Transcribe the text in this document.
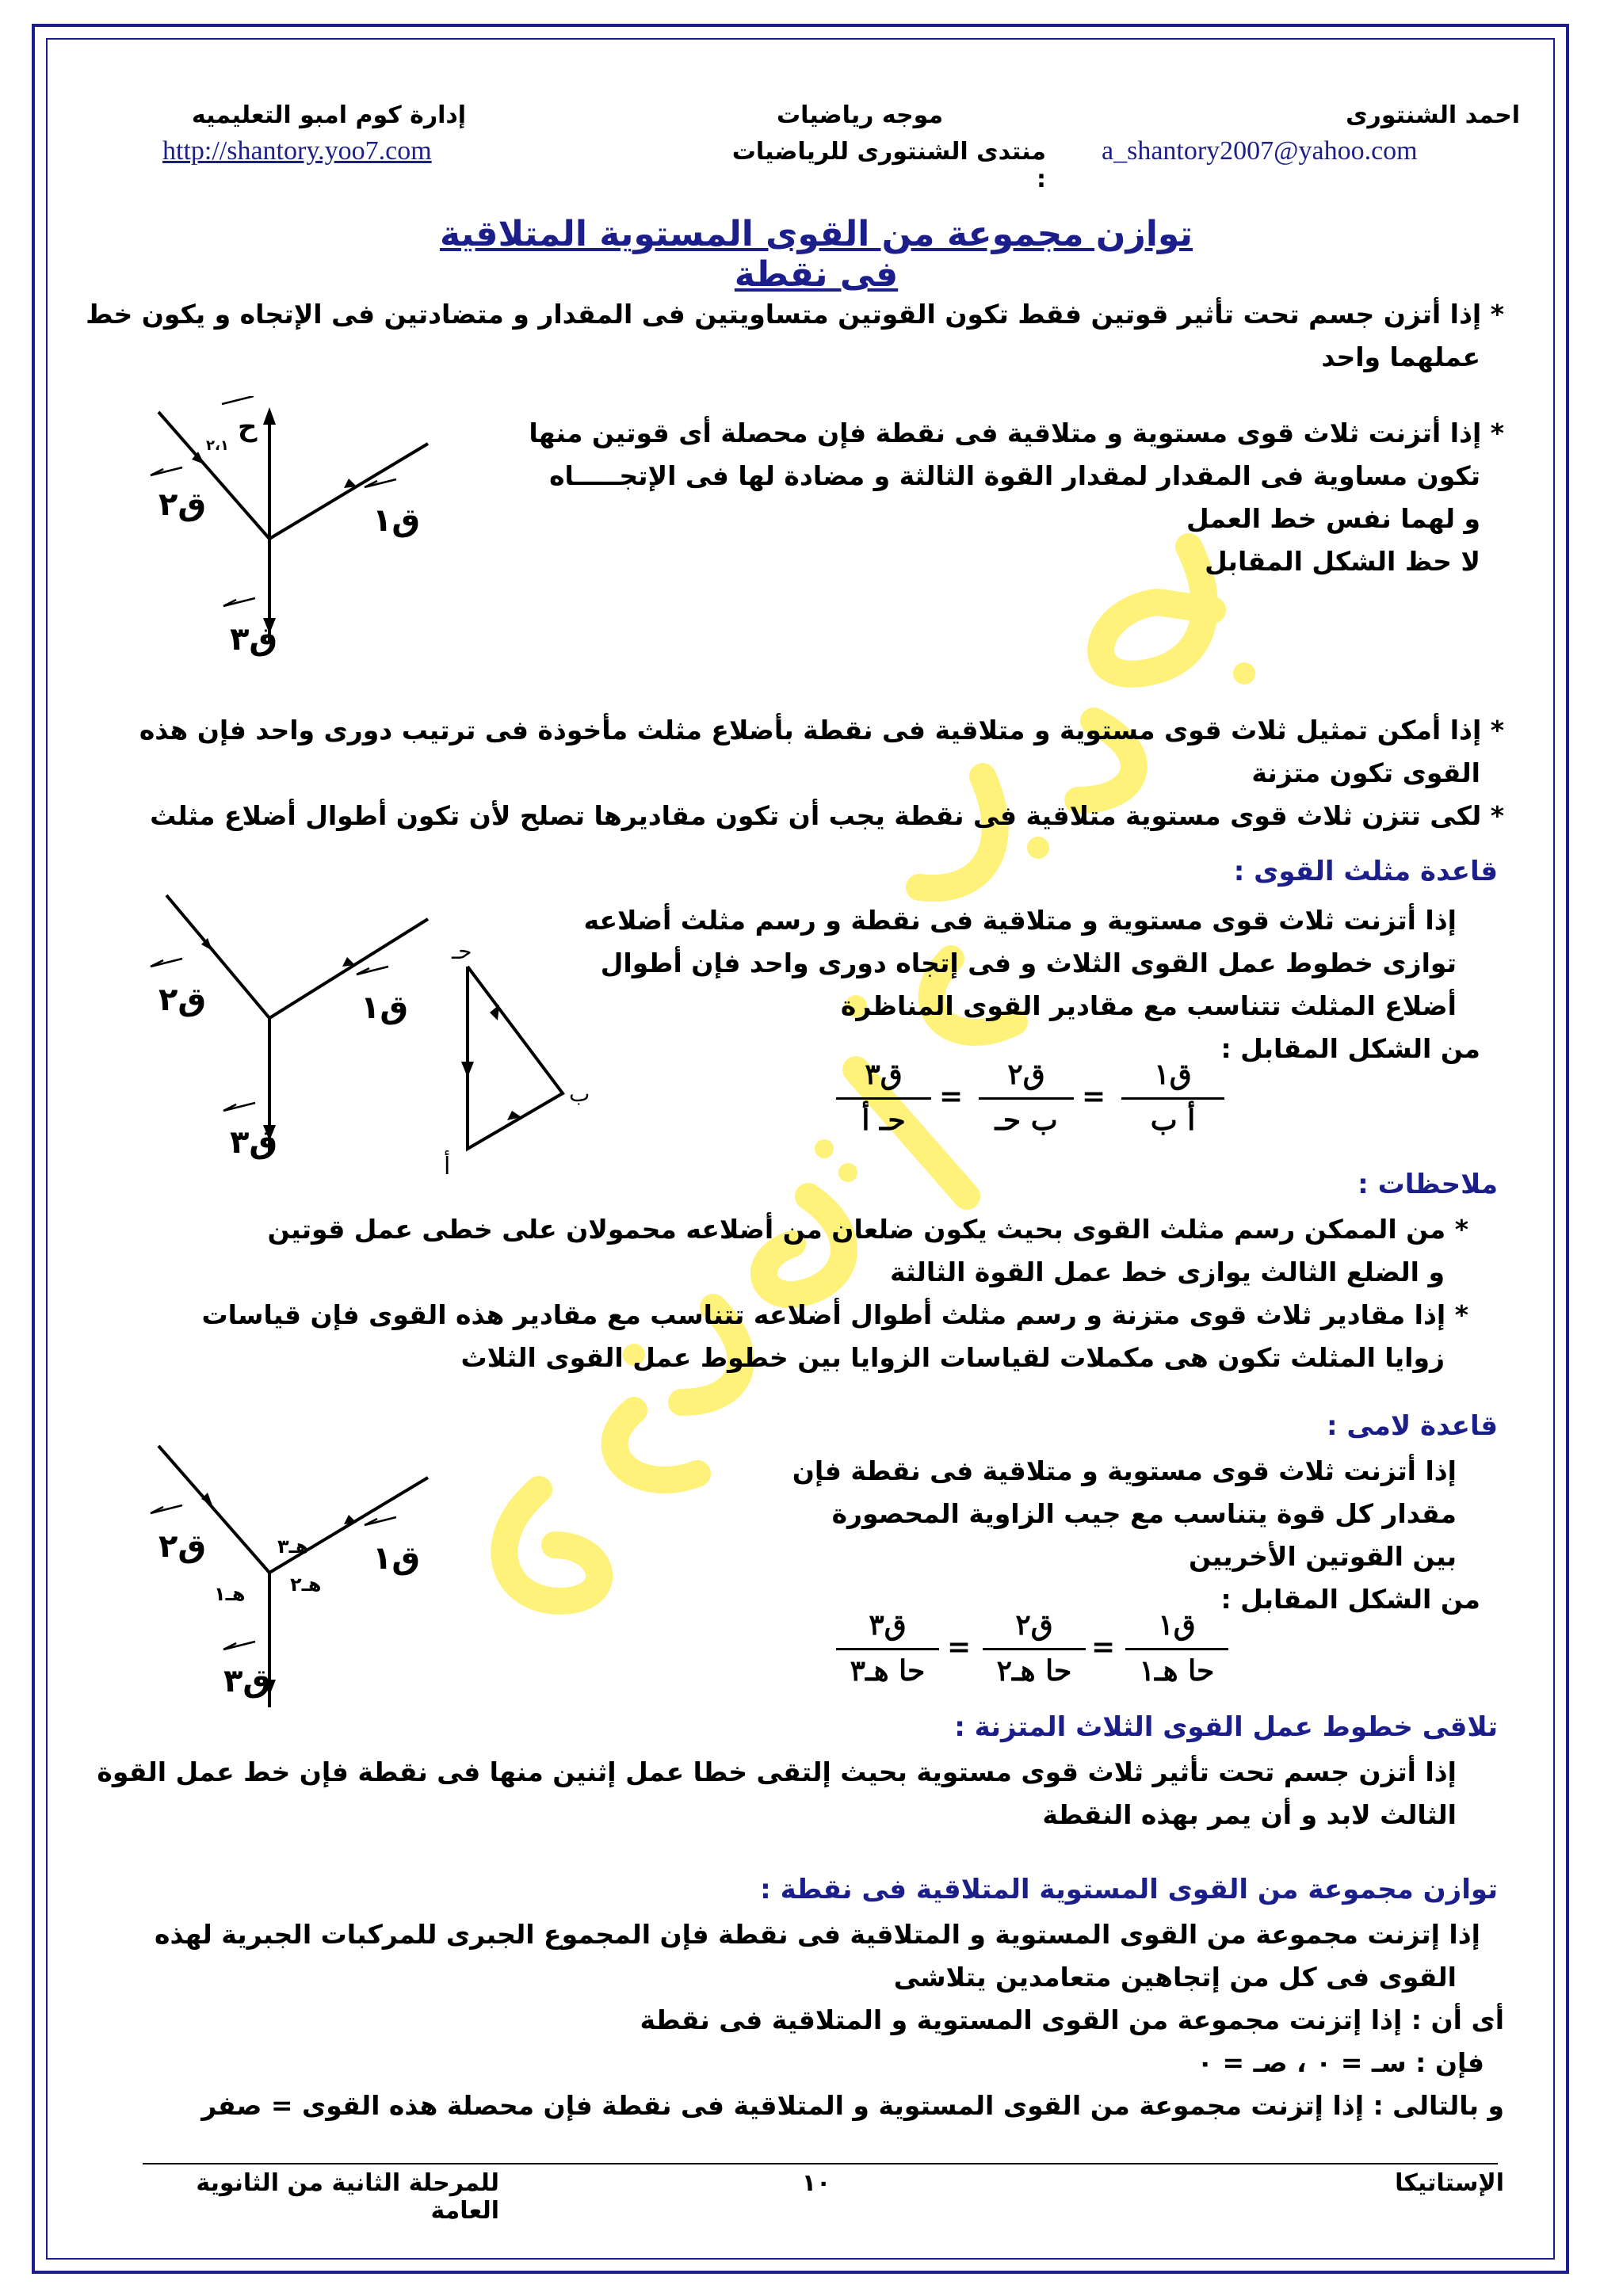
احمد الشنتورى
موجه رياضيات
إدارة كوم امبو التعليميه
a_shantory2007@yahoo.com
منتدى الشنتورى للرياضيات :
http://shantory.yoo7.com
توازن مجموعة من القوى المستوية المتلاقية فى نقطة
* إذا أتزن جسم تحت تأثير قوتين فقط تكون القوتين متساويتين فى المقدار و متضادتين فى الإتجاه و يكون خط
عملهما واحد
* إذا أتزنت ثلاث قوى مستوية و متلاقية فى نقطة فإن محصلة أى قوتين منها
تكون مساوية فى المقدار لمقدار القوة الثالثة و مضادة لها فى الإتجـــــاه
و لهما نفس خط العمل
لا حظ الشكل المقابل
ق٢	ق١
ق٣
ح
٢،١
* إذا أمكن تمثيل ثلاث قوى مستوية و متلاقية فى نقطة بأضلاع مثلث مأخوذة فى ترتيب دورى واحد فإن هذه
القوى تكون متزنة
* لكى تتزن ثلاث قوى مستوية متلاقية فى نقطة يجب أن تكون مقاديرها تصلح لأن تكون أطوال أضلاع مثلث
قاعدة مثلث القوى :
إذا أتزنت ثلاث قوى مستوية و متلاقية فى نقطة و رسم مثلث أضلاعه
توازى خطوط عمل القوى الثلاث و فى إتجاه دورى واحد فإن أطوال
أضلاع المثلث تتناسب مع مقادير القوى المناظرة
من الشكل المقابل :
ق٣
حـ أ
=
ق٢
ب حـ
=
ق١
أ ب
ق٢	ق١
ق٣
حـ
ب
أ
ملاحظات :
* من الممكن رسم مثلث القوى بحيث يكون ضلعان من أضلاعه محمولان على خطى عمل قوتين
و الضلع الثالث يوازى خط عمل القوة الثالثة
* إذا مقادير ثلاث قوى متزنة و رسم مثلث أطوال أضلاعه تتناسب مع مقادير هذه القوى فإن قياسات
زوايا المثلث تكون هى مكملات لقياسات الزوايا بين خطوط عمل القوى الثلاث
قاعدة لامى :
إذا أتزنت ثلاث قوى مستوية و متلاقية فى نقطة فإن
مقدار كل قوة يتناسب مع جيب الزاوية المحصورة
بين القوتين الأخريين
من الشكل المقابل :
ق٣
حا هـ٣
=
ق٢
حا هـ٢
=
ق١
حا هـ١
ق٢	ق١
ق٣
هـ٣
هـ٢
هـ١
تلاقى خطوط عمل القوى الثلاث المتزنة :
إذا أتزن جسم تحت تأثير ثلاث قوى مستوية بحيث إلتقى خطا عمل إثنين منها فى نقطة فإن خط عمل القوة
الثالث لابد و أن يمر بهذه النقطة
توازن مجموعة من القوى المستوية المتلاقية فى نقطة :
إذا إتزنت مجموعة من القوى المستوية و المتلاقية فى نقطة فإن المجموع الجبرى للمركبات الجبرية لهذه
القوى فى كل من إتجاهين متعامدين يتلاشى
أى أن : إذا إتزنت مجموعة من القوى المستوية و المتلاقية فى نقطة
فإن : سـ = ٠ ، صـ = ٠
و بالتالى : إذا إتزنت مجموعة من القوى المستوية و المتلاقية فى نقطة فإن محصلة هذه القوى = صفر
الإستاتيكا
١٠
للمرحلة الثانية من الثانوية العامة
